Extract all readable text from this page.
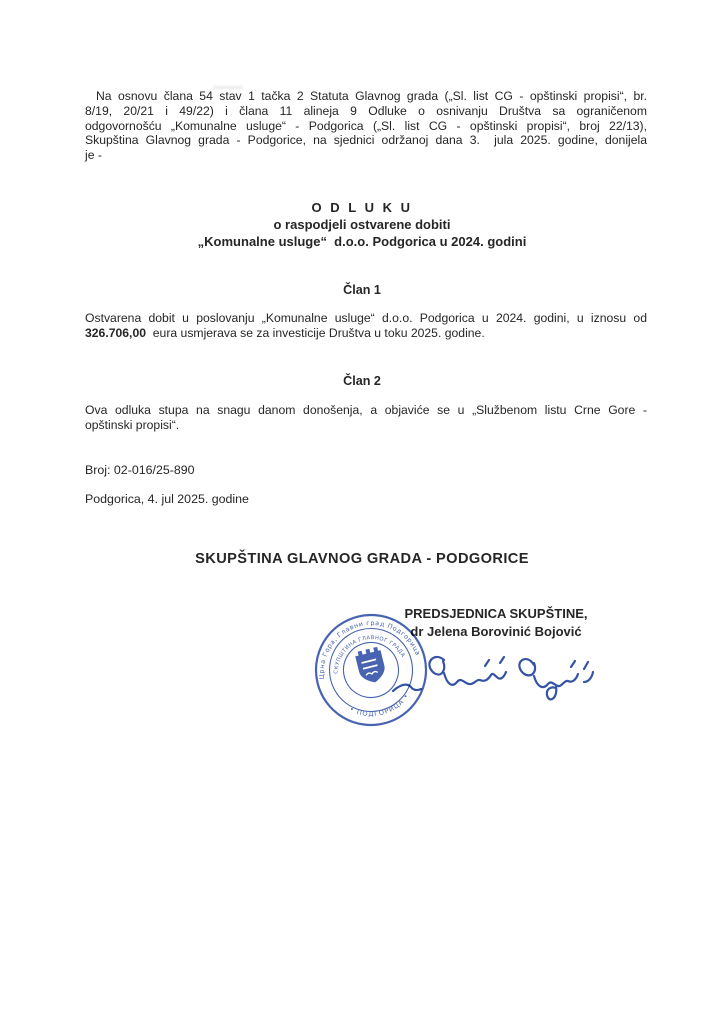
Na osnovu člana 54 stav 1 tačka 2 Statuta Glavnog grada („Sl. list CG - opštinski propisi“, br.
8/19, 20/21 i 49/22) i člana 11 alineja 9 Odluke o osnivanju Društva sa ograničenom
odgovornošću „Komunalne usluge“ - Podgorica („Sl. list CG - opštinski propisi“, broj 22/13),
Skupština Glavnog grada - Podgorice, na sjednici održanoj dana 3.  jula 2025. godine, donijela
je -
O D L U K U
o raspodjeli ostvarene dobiti
„Komunalne usluge“  d.o.o. Podgorica u 2024. godini
Član 1
Ostvarena dobit u poslovanju „Komunalne usluge“ d.o.o. Podgorica u 2024. godini, u iznosu od
326.706,00  eura usmjerava se za investicije Društva u toku 2025. godine.
Član 2
Ova odluka stupa na snagu danom donošenja, a objaviće se u „Službenom listu Crne Gore -
opštinski propisi“.
Broj: 02-016/25-890
Podgorica, 4. jul 2025. godine
SKUPŠTINA GLAVNOG GRADA - PODGORICE
PREDSJEDNICA SKUPŠTINE,
dr Jelena Borovinić Bojović
Црна Гора, Главни град Подгорица
• ПОДГОРИЦА •
СКУПШТИНА ГЛАВНОГ ГРАДА
